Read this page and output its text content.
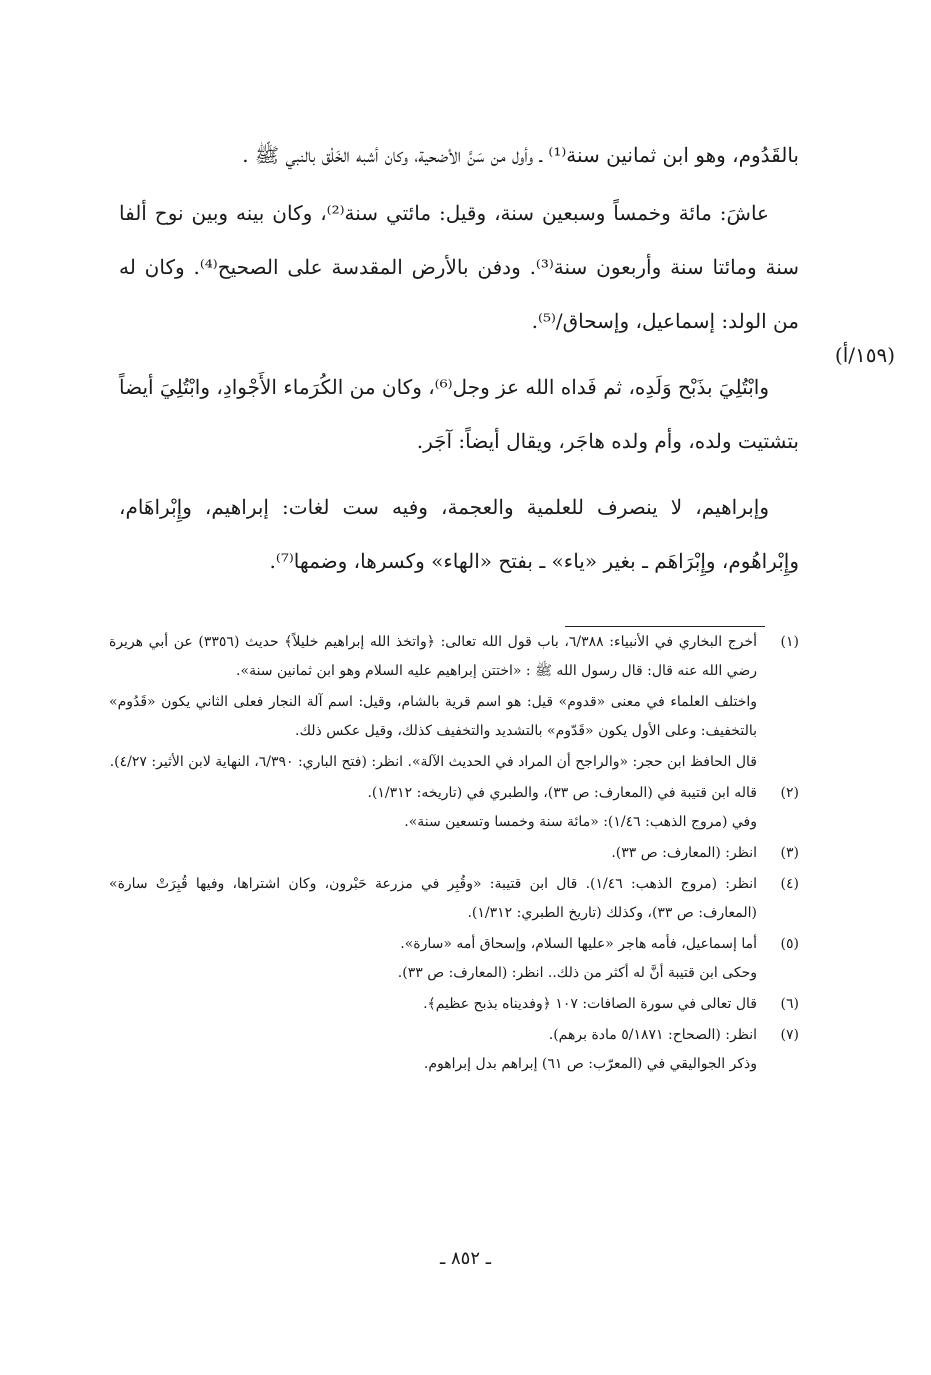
بالقَدُوم، وهو ابن ثمانين سنة⁽¹⁾ ـ وأول من سَنَّ الأضحية، وكان أشبه الخَلْق بالنبي ﷺ .

عاشَ: مائة وخمساً وسبعين سنة، وقيل: مائتي سنة⁽²⁾، وكان بينه وبين نوح ألفا سنة ومائتا سنة وأربعون سنة⁽³⁾. ودفن بالأرض المقدسة على الصحيح⁽⁴⁾. وكان له من الولد: إسماعيل، وإسحاق/⁽⁵⁾.

وابْتُلِيَ بذَبْح وَلَدِه، ثم فَداه الله عز وجل⁽⁶⁾، وكان من الكُرَماء الأَجْوادِ، وابْتُلِيَ أيضاً بتشتيت ولده، وأم ولده هاجَر، ويقال أيضاً: آجَر.

وإبراهيم، لا ينصرف للعلمية والعجمة، وفيه ست لغات: إبراهيم، وإِبْراهَام، وإِبْراهُوم، وإِبْرَاهَم ـ بغير «ياء» ـ بفتح «الهاء» وكسرها، وضمها⁽⁷⁾.

(١٥٩/أ)
(١)

أخرج البخاري في الأنبياء: ٦/٣٨٨، باب قول الله تعالى: ﴿واتخذ الله إبراهيم خليلاً﴾ حديث (٣٣٥٦) عن أبي هريرة رضي الله عنه قال: قال رسول الله ﷺ : «اختتن إبراهيم عليه السلام وهو ابن ثمانين سنة».

واختلف العلماء في معنى «قدوم» قيل: هو اسم قرية بالشام، وقيل: اسم آلة النجار فعلى الثاني يكون «قَدُوم» بالتخفيف: وعلى الأول يكون «قَدّوم» بالتشديد والتخفيف كذلك، وقيل عكس ذلك.

قال الحافظ ابن حجر: «والراجح أن المراد في الحديث الآلة». انظر: (فتح الباري: ٦/٣٩٠، النهاية لابن الأثير: ٤/٢٧).

(٢)

قاله ابن قتيبة في (المعارف: ص ٣٣)، والطبري في (تاريخه: ١/٣١٢).

وفي (مروج الذهب: ١/٤٦): «مائة سنة وخمسا وتسعين سنة».

(٣)

انظر: (المعارف: ص ٣٣).

(٤)

انظر: (مروج الذهب: ١/٤٦). قال ابن قتيبة: «وقُبِر في مزرعة حَبْرون، وكان اشتراها، وفيها قُبِرَتْ سارة» (المعارف: ص ٣٣)، وكذلك (تاريخ الطبري: ١/٣١٢).

(٥)

أما إسماعيل، فأمه هاجر «عليها السلام، وإسحاق أمه «سارة».

وحكى ابن قتيبة أنَّ له أكثر من ذلك.. انظر: (المعارف: ص ٣٣).

(٦)

قال تعالى في سورة الصافات: ١٠٧ ﴿وفديناه بذبح عظيم﴾.

(٧)

انظر: (الصحاح: ٥/١٨٧١ مادة برهم).

وذكر الجواليقي في (المعرّب: ص ٦١) إبراهم بدل إبراهوم.

ـ ٨٥٢ ـ
